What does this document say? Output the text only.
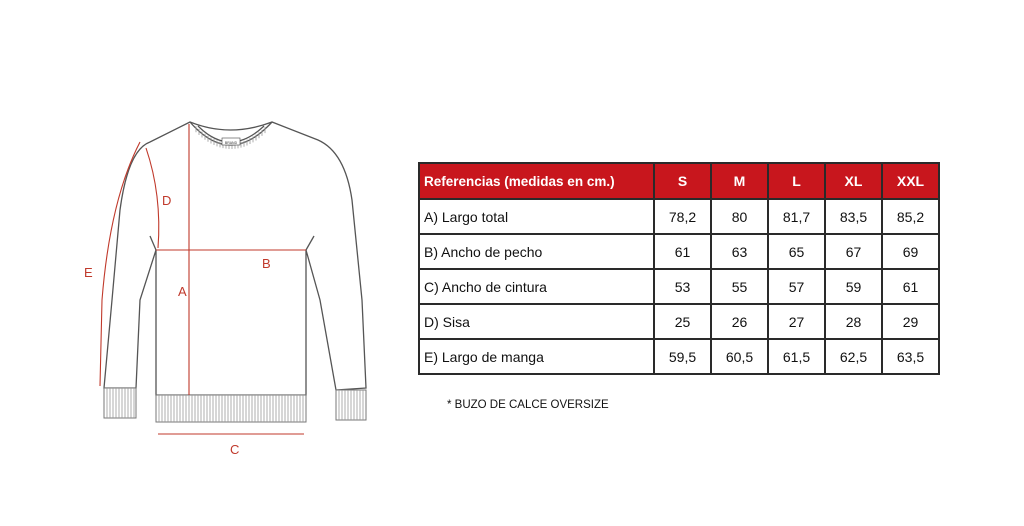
BRAND
A
B
C
D
E
Referencias (medidas en cm.)	S	M	L	XL	XXL
A) Largo total	78,2	80	81,7	83,5	85,2
B) Ancho de pecho	61	63	65	67	69
C) Ancho de cintura	53	55	57	59	61
D) Sisa	25	26	27	28	29
E) Largo de manga	59,5	60,5	61,5	62,5	63,5
* BUZO DE CALCE OVERSIZE
